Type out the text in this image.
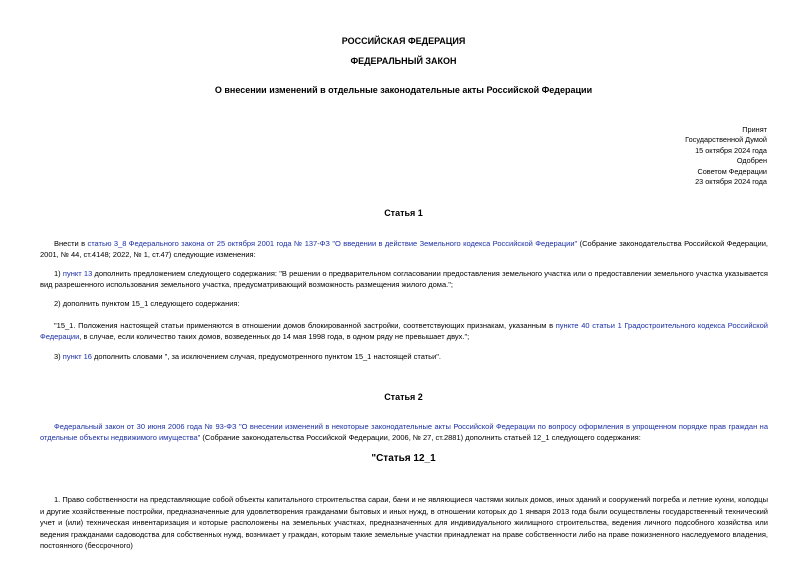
РОССИЙСКАЯ ФЕДЕРАЦИЯ
ФЕДЕРАЛЬНЫЙ ЗАКОН
О внесении изменений в отдельные законодательные акты Российской Федерации
Принят
Государственной Думой
15 октября 2024 года
Одобрен
Советом Федерации
23 октября 2024 года
Статья 1
Внести в статью 3_8 Федерального закона от 25 октября 2001 года № 137-ФЗ "О введении в действие Земельного кодекса Российской Федерации" (Собрание законодательства Российской Федерации, 2001, № 44, ст.4148; 2022, № 1, ст.47) следующие изменения:
1) пункт 13 дополнить предложением следующего содержания: "В решении о предварительном согласовании предоставления земельного участка или о предоставлении земельного участка указывается вид разрешенного использования земельного участка, предусматривающий возможность размещения жилого дома.";
2) дополнить пунктом 15_1 следующего содержания:
"15_1. Положения настоящей статьи применяются в отношении домов блокированной застройки, соответствующих признакам, указанным в пункте 40 статьи 1 Градостроительного кодекса Российской Федерации, в случае, если количество таких домов, возведенных до 14 мая 1998 года, в одном ряду не превышает двух.";
3) пункт 16 дополнить словами ", за исключением случая, предусмотренного пунктом 15_1 настоящей статьи".
Статья 2
Федеральный закон от 30 июня 2006 года № 93-ФЗ "О внесении изменений в некоторые законодательные акты Российской Федерации по вопросу оформления в упрощенном порядке прав граждан на отдельные объекты недвижимого имущества" (Собрание законодательства Российской Федерации, 2006, № 27, ст.2881) дополнить статьей 12_1 следующего содержания:
"Статья 12_1
1. Право собственности на представляющие собой объекты капитального строительства сараи, бани и не являющиеся частями жилых домов, иных зданий и сооружений погреба и летние кухни, колодцы и другие хозяйственные постройки, предназначенные для удовлетворения гражданами бытовых и иных нужд, в отношении которых до 1 января 2013 года были осуществлены государственный технический учет и (или) техническая инвентаризация и которые расположены на земельных участках, предназначенных для индивидуального жилищного строительства, ведения личного подсобного хозяйства или ведения гражданами садоводства для собственных нужд, возникает у граждан, которым такие земельные участки принадлежат на праве собственности либо на праве пожизненного наследуемого владения, постоянного (бессрочного)
